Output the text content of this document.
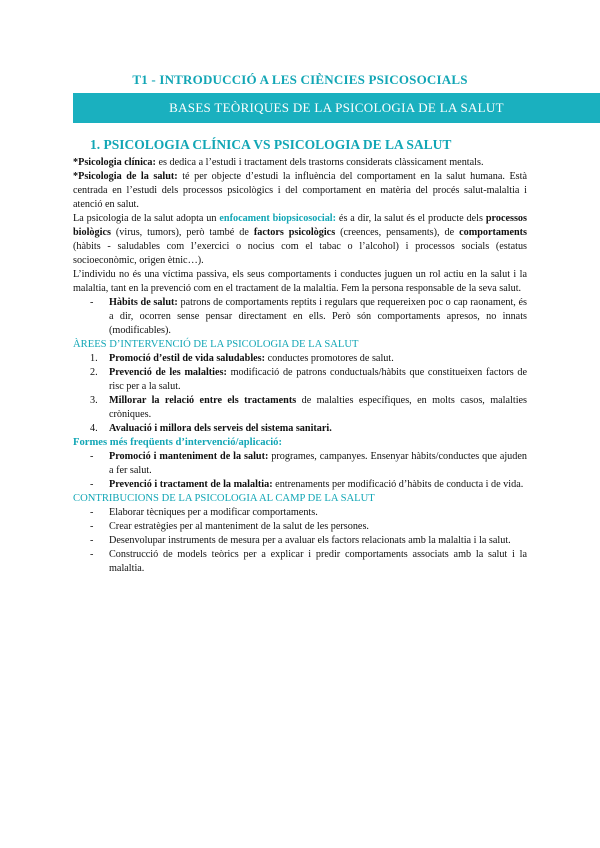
T1 - INTRODUCCIÓ A LES CIÈNCIES PSICOSOCIALS
BASES TEÒRIQUES DE LA PSICOLOGIA DE LA SALUT
1. PSICOLOGIA CLÍNICA VS PSICOLOGIA DE LA SALUT

*Psicologia clínica: es dedica a l’estudi i tractament dels trastorns considerats clàssicament mentals.

*Psicologia de la salut: té per objecte d’estudi la influència del comportament en la salut humana. Està centrada en l’estudi dels processos psicològics i del comportament en matèria del procés salut-malaltia i atenció en salut.

La psicologia de la salut adopta un enfocament biopsicosocial: és a dir, la salut és el producte dels processos biològics (virus, tumors), però també de factors psicològics (creences, pensaments), de comportaments (hàbits - saludables com l’exercici o nocius com el tabac o l’alcohol) i processos socials (estatus socioeconòmic, origen ètnic…).

L’individu no és una víctima passiva, els seus comportaments i conductes juguen un rol actiu en la salut i la malaltia, tant en la prevenció com en el tractament de la malaltia. Fem la persona responsable de la seva salut.

- Hàbits de salut: patrons de comportaments reptits i regulars que requereixen poc o cap raonament, és a dir, ocorren sense pensar directament en ells. Però són comportaments apresos, no innats (modificables).
ÀREES D’INTERVENCIÓ DE LA PSICOLOGIA DE LA SALUT
1. Promoció d’estil de vida saludables: conductes promotores de salut.
2. Prevenció de les malalties: modificació de patrons conductuals/hàbits que constitueixen factors de risc per a la salut.
3. Millorar la relació entre els tractaments de malalties específiques, en molts casos, malalties cròniques.
4. Avaluació i millora dels serveis del sistema sanitari.
Formes més freqüents d’intervenció/aplicació:
- Promoció i manteniment de la salut: programes, campanyes. Ensenyar hàbits/conductes que ajuden a fer salut.
- Prevenció i tractament de la malaltia: entrenaments per modificació d’hàbits de conducta i de vida.
CONTRIBUCIONS DE LA PSICOLOGIA AL CAMP DE LA SALUT
- Elaborar tècniques per a modificar comportaments.
- Crear estratègies per al manteniment de la salut de les persones.
- Desenvolupar instruments de mesura per a avaluar els factors relacionats amb la malaltia i la salut.
- Construcció de models teòrics per a explicar i predir comportaments associats amb la salut i la malaltia.
